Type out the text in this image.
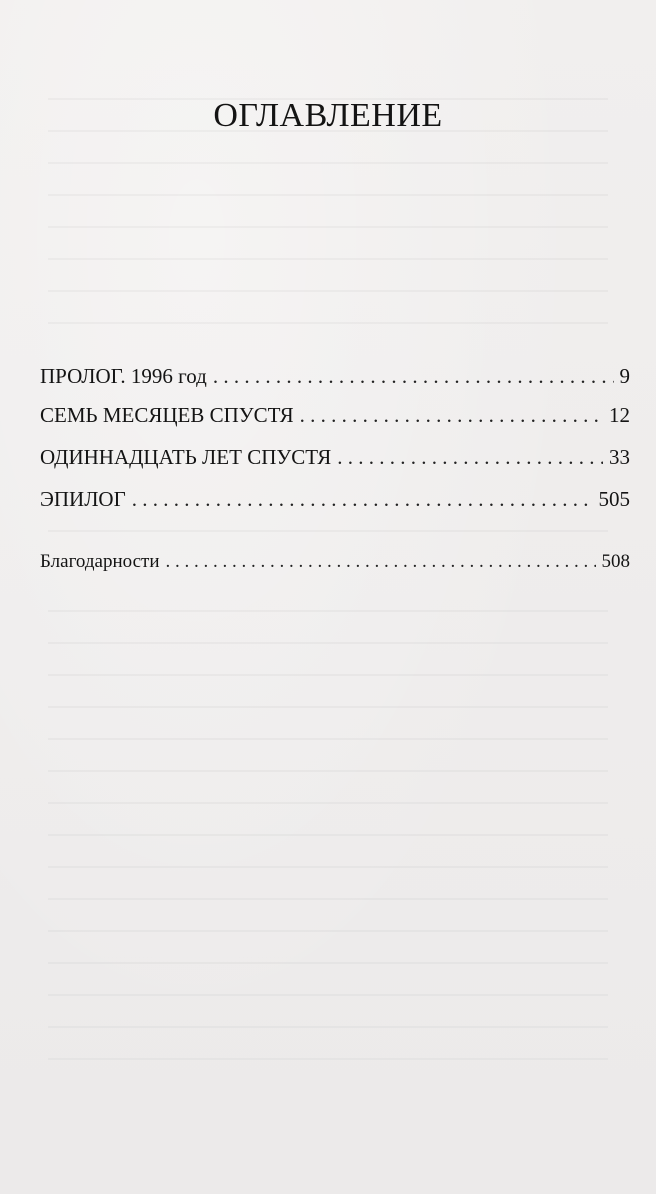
ОГЛАВЛЕНИЕ
ПРОЛОГ. 1996 год . . .	9
СЕМЬ МЕСЯЦЕВ СПУСТЯ . . .	12
ОДИННАДЦАТЬ ЛЕТ СПУСТЯ . . .	33
ЭПИЛОГ . . .	505
Благодарности . . .	508
